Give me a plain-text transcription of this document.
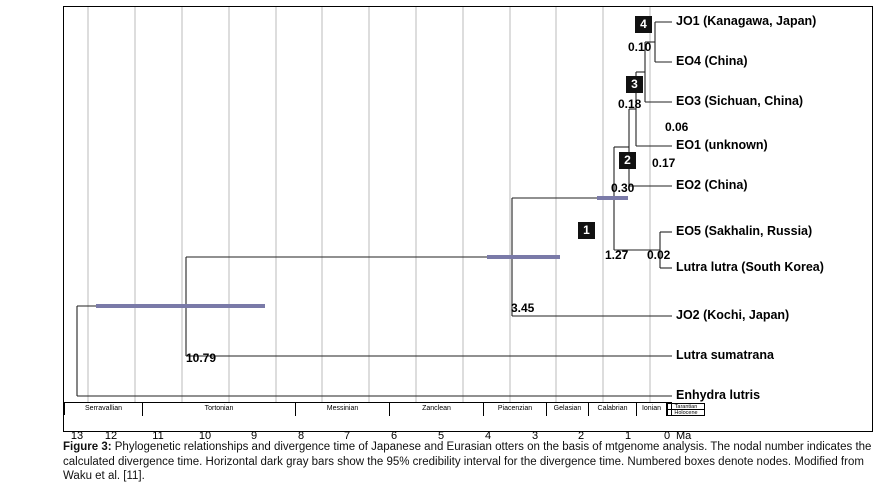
4
3
2
1
0.10
0.18
0.06
0.17
0.30
1.27 0.02
3.45
10.79
JO1 (Kanagawa, Japan)
EO4 (China)
EO3 (Sichuan, China)
EO1 (unknown)
EO2 (China)
EO5 (Sakhalin, Russia)
Lutra lutra (South Korea)
JO2 (Kochi, Japan)
Lutra sumatrana
Enhydra lutris
Serravallian	Tortonian	Messinian	Zanclean	Piacenzian	Gelasian	Calabrian	Ionian	Tarantian
Holocene
13	12	11	10	9	8	7	6	5	4	3	2	1	0 Ma
Figure 3: Phylogenetic relationships and divergence time of Japanese and Eurasian otters on the basis of mtgenome analysis. The nodal number indicates the calculated divergence time. Horizontal dark gray bars show the 95% credibility interval for the divergence time. Numbered boxes denote nodes. Modified from Waku et al. [11].
